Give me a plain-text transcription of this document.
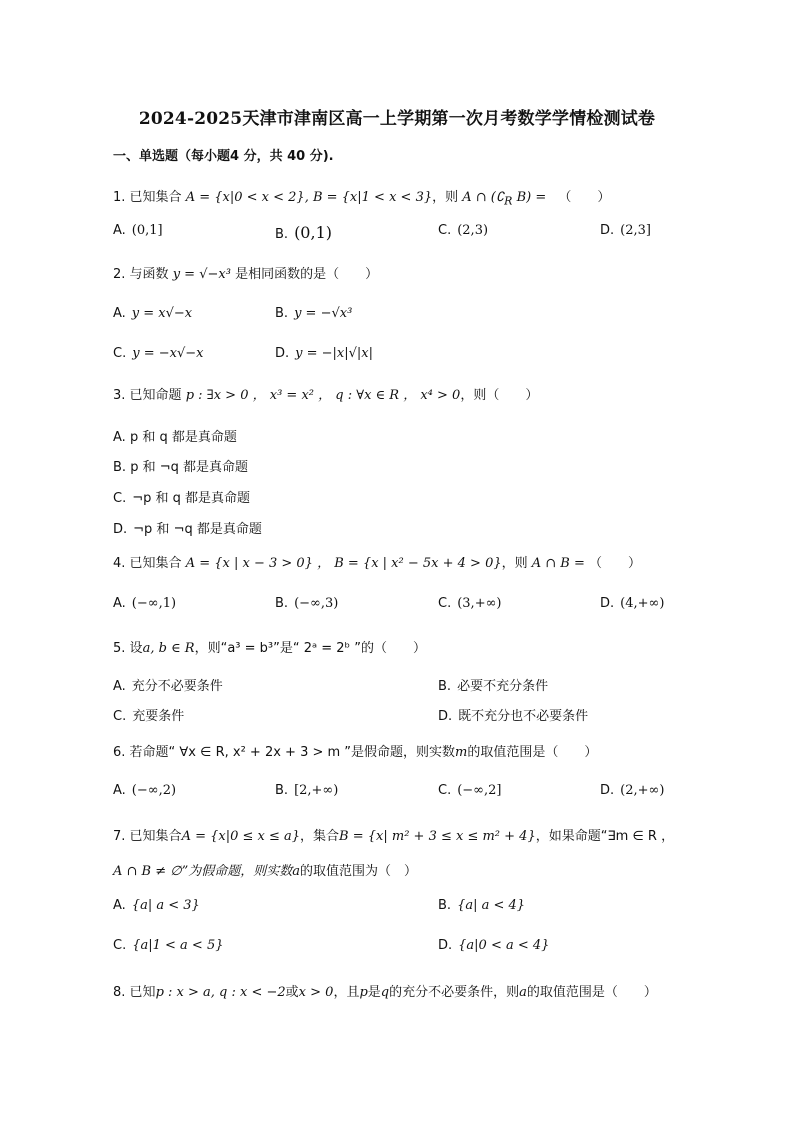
2024-2025天津市津南区高一上学期第一次月考数学学情检测试卷
一、单选题（每小题4 分，共 40 分).
1. 已知集合 A = {x|0 < x < 2}, B = {x|1 < x < 3}，则 A ∩ ($∁_R$ B) = （　　）
A. (0,1]	B. (0,1)	C. (2,3)	D. (2,3]
2. 与函数 y = √−x³ 是相同函数的是（　　）
A. y = x√−x	B. y = −√x³
C. y = −x√−x	D. y = −|x|√|x|
3. 已知命题 p : ∃x > 0 ， x³ = x² ， q : ∀x ∈ R ， x⁴ > 0，则（　　）
A. p 和 q 都是真命题
B. p 和 ¬q 都是真命题
C. ¬p 和 q 都是真命题
D. ¬p 和 ¬q 都是真命题
4. 已知集合 A = {x | x − 3 > 0} ， B = {x | x² − 5x + 4 > 0}，则 A ∩ B = （　　）
A. (−∞,1)	B. (−∞,3)	C. (3,+∞)	D. (4,+∞)
5. 设a, b ∈ R，则“a³ = b³”是“ 2ᵃ = 2ᵇ ”的（　　）
A. 充分不必要条件	B. 必要不充分条件
C. 充要条件	D. 既不充分也不必要条件
6. 若命题“ ∀x ∈ R, x² + 2x + 3 > m ”是假命题，则实数m的取值范围是（　　）
A. (−∞,2)	B. [2,+∞)	C. (−∞,2]	D. (2,+∞)
7. 已知集合A = {x|0 ≤ x ≤ a}，集合B = {x| m² + 3 ≤ x ≤ m² + 4}，如果命题“∃m ∈ R ，
A ∩ B ≠ ∅”为假命题，则实数a的取值范围为（　）
A. {a| a < 3}	B. {a| a < 4}
C. {a|1 < a < 5}	D. {a|0 < a < 4}
8. 已知p : x > a, q : x < −2或x > 0，且p是q的充分不必要条件，则a的取值范围是（　　）
